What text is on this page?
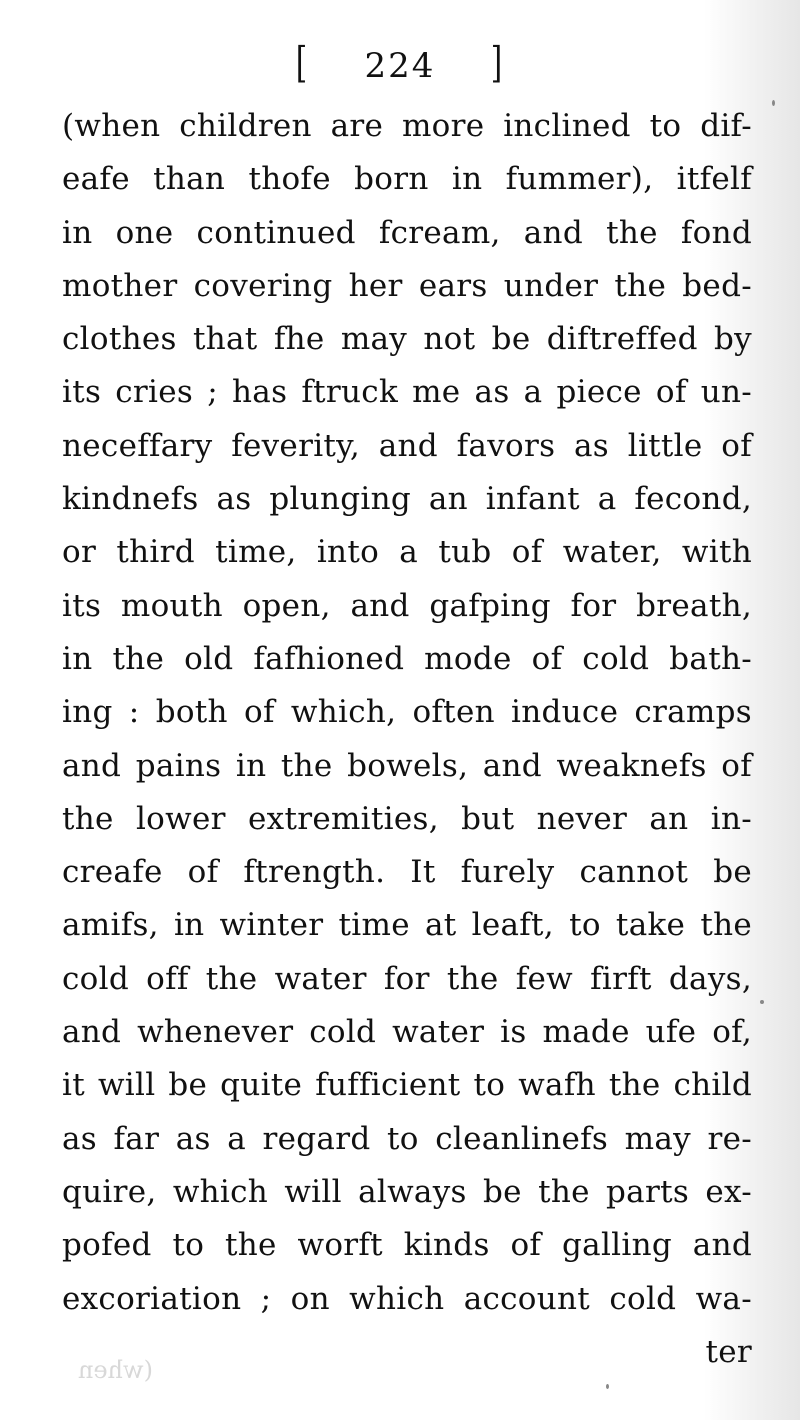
[ 224 ]
(when children are more inclined to dif-
eafe than thofe born in fummer), itfelf
in one continued fcream, and the fond
mother covering her ears under the bed-
clothes that fhe may not be diftreffed by
its cries ; has ftruck me as a piece of un-
neceffary feverity, and favors as little of
kindnefs as plunging an infant a fecond,
or third time, into a tub of water, with
its mouth open, and gafping for breath,
in the old fafhioned mode of cold bath-
ing : both of which, often induce cramps
and pains in the bowels, and weaknefs of
the lower extremities, but never an in-
creafe of ftrength. It furely cannot be
amifs, in winter time at leaft, to take the
cold off the water for the few firft days,
and whenever cold water is made ufe of,
it will be quite fufficient to wafh the child
as far as a regard to cleanlinefs may re-
quire, which will always be the parts ex-
pofed to the worft kinds of galling and
excoriation ; on which account cold wa-
ter
(when
